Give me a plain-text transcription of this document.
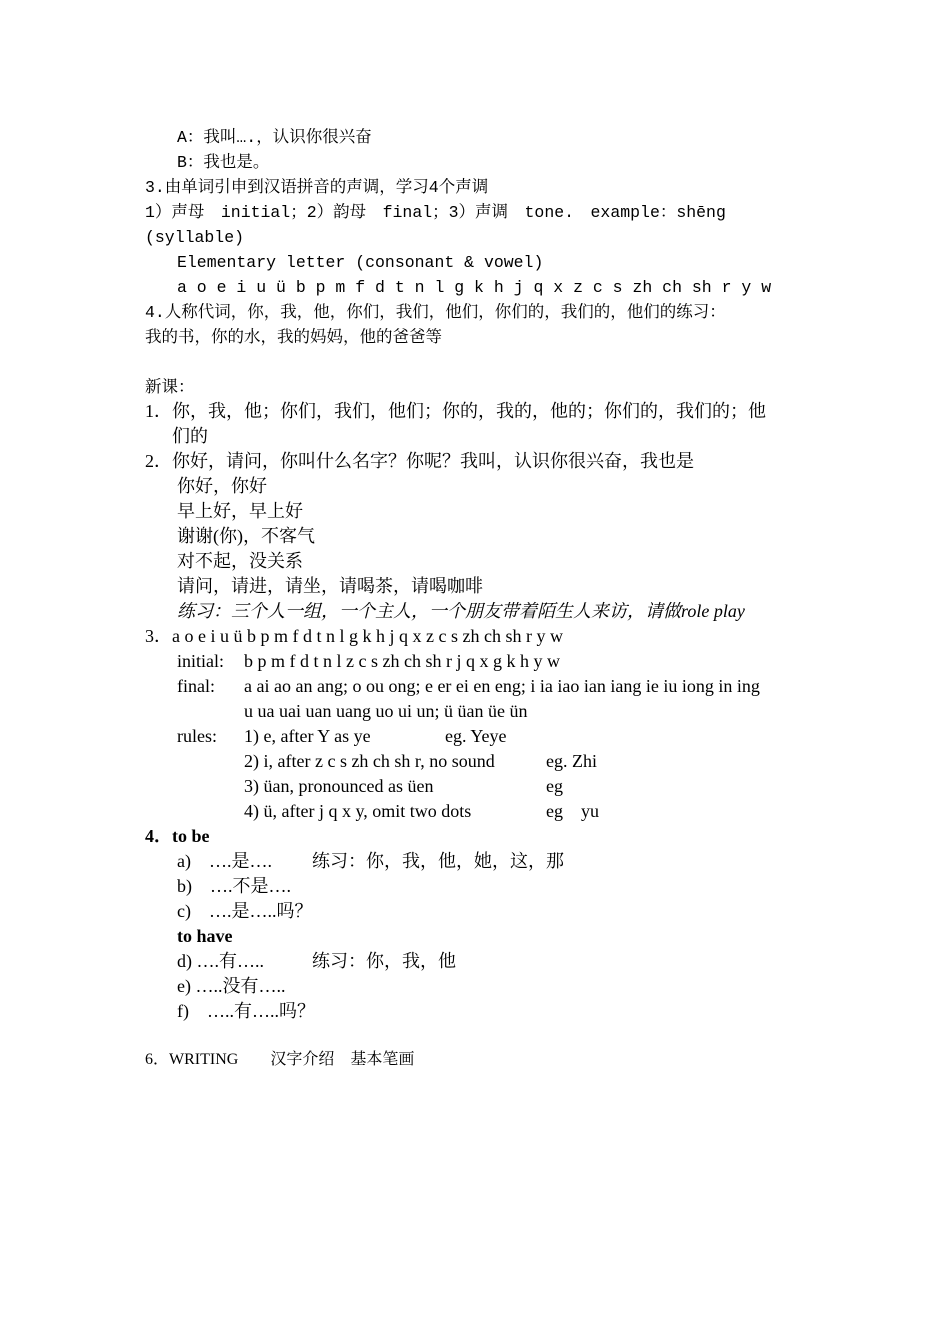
A：我叫….，认识你很兴奋
B：我也是。
3.由单词引申到汉语拼音的声调，学习4个声调
1）声母　initial；2）韵母　final；3）声调　tone.　example：shēng
(syllable)
Elementary letter (consonant & vowel)
a o e i u ü b p m f d t n l g k h j q x z c s zh ch sh r y w
4.人称代词，你，我，他，你们，我们，他们，你们的，我们的，他们的练习：
我的书，你的水，我的妈妈，他的爸爸等
新课：
1．你，我，他；你们，我们，他们；你的，我的，他的；你们的，我们的；他
们的
2．你好，请问，你叫什么名字？你呢？我叫，认识你很兴奋，我也是
你好，你好
早上好，早上好
谢谢(你)，不客气
对不起，没关系
请问，请进，请坐，请喝茶，请喝咖啡
练习：三个人一组，一个主人，一个朋友带着陌生人来访，请做role play
3．a o e i u ü b p m f d t n l g k h j q x z c s zh ch sh r y w
initial: b p m f d t n l z c s zh ch sh r j q x g k h y w
final: a ai ao an ang; o ou ong; e er ei en eng; i ia iao ian iang ie iu iong in ing
u ua uai uan uang uo ui un; ü üan üe ün
rules: 1) e, after Y as ye	eg. Yeye
2) i, after z c s zh ch sh r, no sound	eg. Zhi
3) üan, pronounced as üen	eg
4) ü, after j q x y, omit two dots	eg　yu
4．to be
a)　….是…. 练习：你，我，他，她，这，那
b)　….不是….
c)　….是…..吗？
to have
d) ….有…..	练习：你，我，他
e) …..没有…..
f)　…..有…..吗？
6．WRITING　　汉字介绍　基本笔画
